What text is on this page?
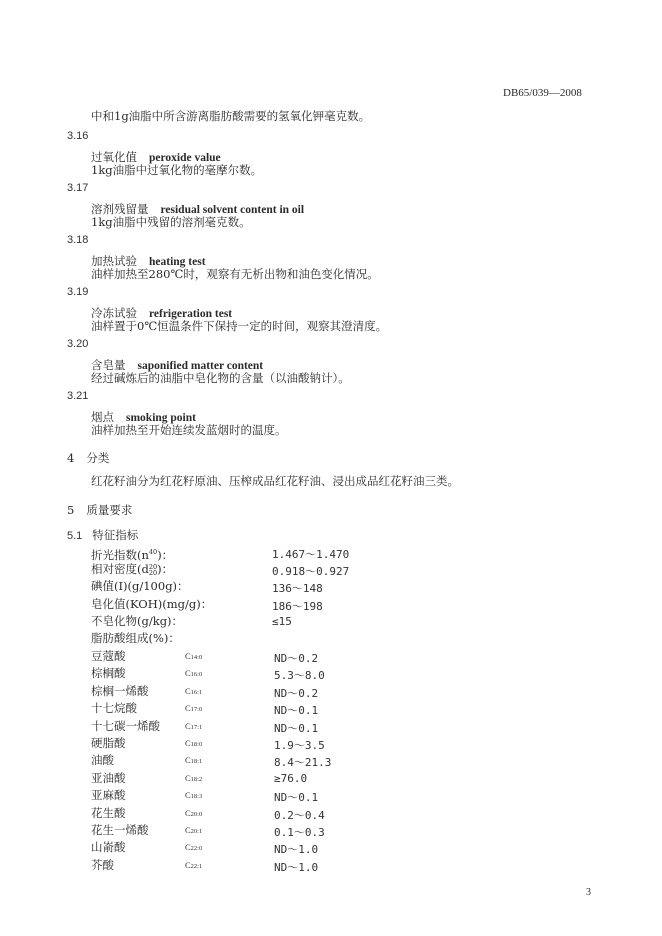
DB65/039—2008
中和1g油脂中所含游离脂肪酸需要的氢氧化钾毫克数。
3.16
过氧化值 peroxide value
1kg油脂中过氧化物的毫摩尔数。
3.17
溶剂残留量 residual solvent content in oil
1kg油脂中残留的溶剂毫克数。
3.18
加热试验 heating test
油样加热至280℃时，观察有无析出物和油色变化情况。
3.19
冷冻试验 refrigeration test
油样置于0℃恒温条件下保持一定的时间，观察其澄清度。
3.20
含皂量 saponified matter content
经过碱炼后的油脂中皂化物的含量（以油酸钠计）。
3.21
烟点 smoking point
油样加热至开始连续发蓝烟时的温度。
4 分类
红花籽油分为红花籽原油、压榨成品红花籽油、浸出成品红花籽油三类。
5 质量要求
5.1 特征指标
折光指数$(n^{40})$：	1.467～1.470
相对密度(d 20
20 )：	0.918～0.927
碘值(I)(g/100g)：	136～148
皂化值(KOH)(mg/g)：	186～198
不皂化物(g/kg)：	≤15
脂肪酸组成(%)：
豆蔻酸	C14:0	ND～0.2
棕榈酸	C16:0	5.3～8.0
棕榈一烯酸	C16:1	ND～0.2
十七烷酸	C17:0	ND～0.1
十七碳一烯酸	C17:1	ND～0.1
硬脂酸	C18:0	1.9～3.5
油酸	C18:1	8.4～21.3
亚油酸	C18:2	≥76.0
亚麻酸	C18:3	ND～0.1
花生酸	C20:0	0.2～0.4
花生一烯酸	C20:1	0.1～0.3
山嵛酸	C22:0	ND～1.0
芥酸	C22:1	ND～1.0
3
